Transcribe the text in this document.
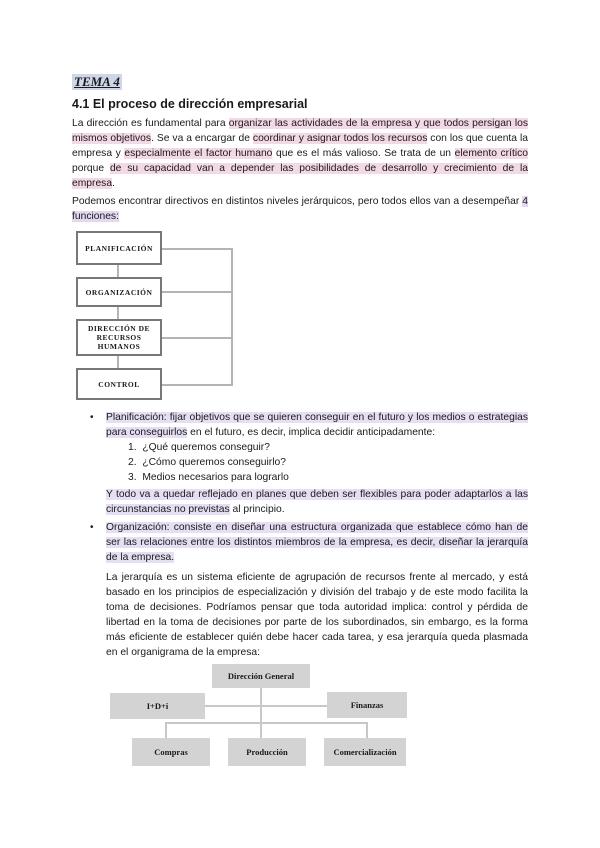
TEMA 4
4.1 El proceso de dirección empresarial
La dirección es fundamental para organizar las actividades de la empresa y que todos persigan los mismos objetivos. Se va a encargar de coordinar y asignar todos los recursos con los que cuenta la empresa y especialmente el factor humano que es el más valioso. Se trata de un elemento crítico porque de su capacidad van a depender las posibilidades de desarrollo y crecimiento de la empresa.
Podemos encontrar directivos en distintos niveles jerárquicos, pero todos ellos van a desempeñar 4 funciones:
PLANIFICACIÓN
ORGANIZACIÓN
DIRECCIÓN DE RECURSOS HUMANOS
CONTROL
• Planificación: fijar objetivos que se quieren conseguir en el futuro y los medios o estrategias para conseguirlos en el futuro, es decir, implica decidir anticipadamente:
1. ¿Qué queremos conseguir?
2. ¿Cómo queremos conseguirlo?
3. Medios necesarios para lograrlo
Y todo va a quedar reflejado en planes que deben ser flexibles para poder adaptarlos a las circunstancias no previstas al principio.
• Organización: consiste en diseñar una estructura organizada que establece cómo han de ser las relaciones entre los distintos miembros de la empresa, es decir, diseñar la jerarquía de la empresa.
La jerarquía es un sistema eficiente de agrupación de recursos frente al mercado, y está basado en los principios de especialización y división del trabajo y de este modo facilita la toma de decisiones. Podríamos pensar que toda autoridad implica: control y pérdida de libertad en la toma de decisiones por parte de los subordinados, sin embargo, es la forma más eficiente de establecer quién debe hacer cada tarea, y esa jerarquía queda plasmada en el organigrama de la empresa:
Dirección General
I+D+i	Finanzas
Compras	Producción	Comercialización
